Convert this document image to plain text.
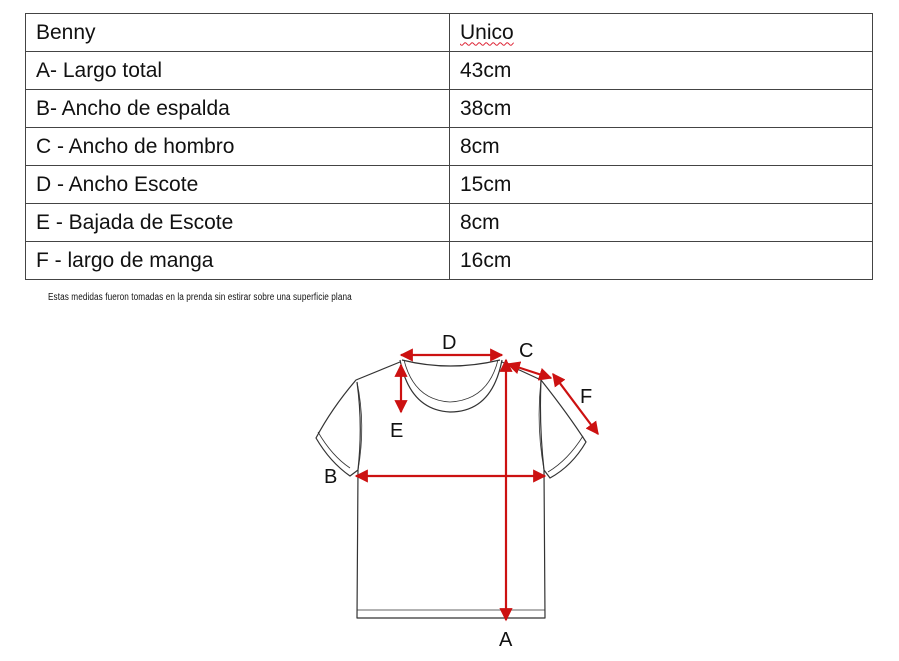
Benny	Unico
A- Largo total	43cm
B- Ancho de espalda	38cm
C - Ancho de hombro	8cm
D - Ancho Escote	15cm
E - Bajada de Escote	8cm
F - largo de manga	16cm
Estas medidas fueron tomadas en la prenda sin estirar sobre una superficie plana
D	C
F
E
B
A
